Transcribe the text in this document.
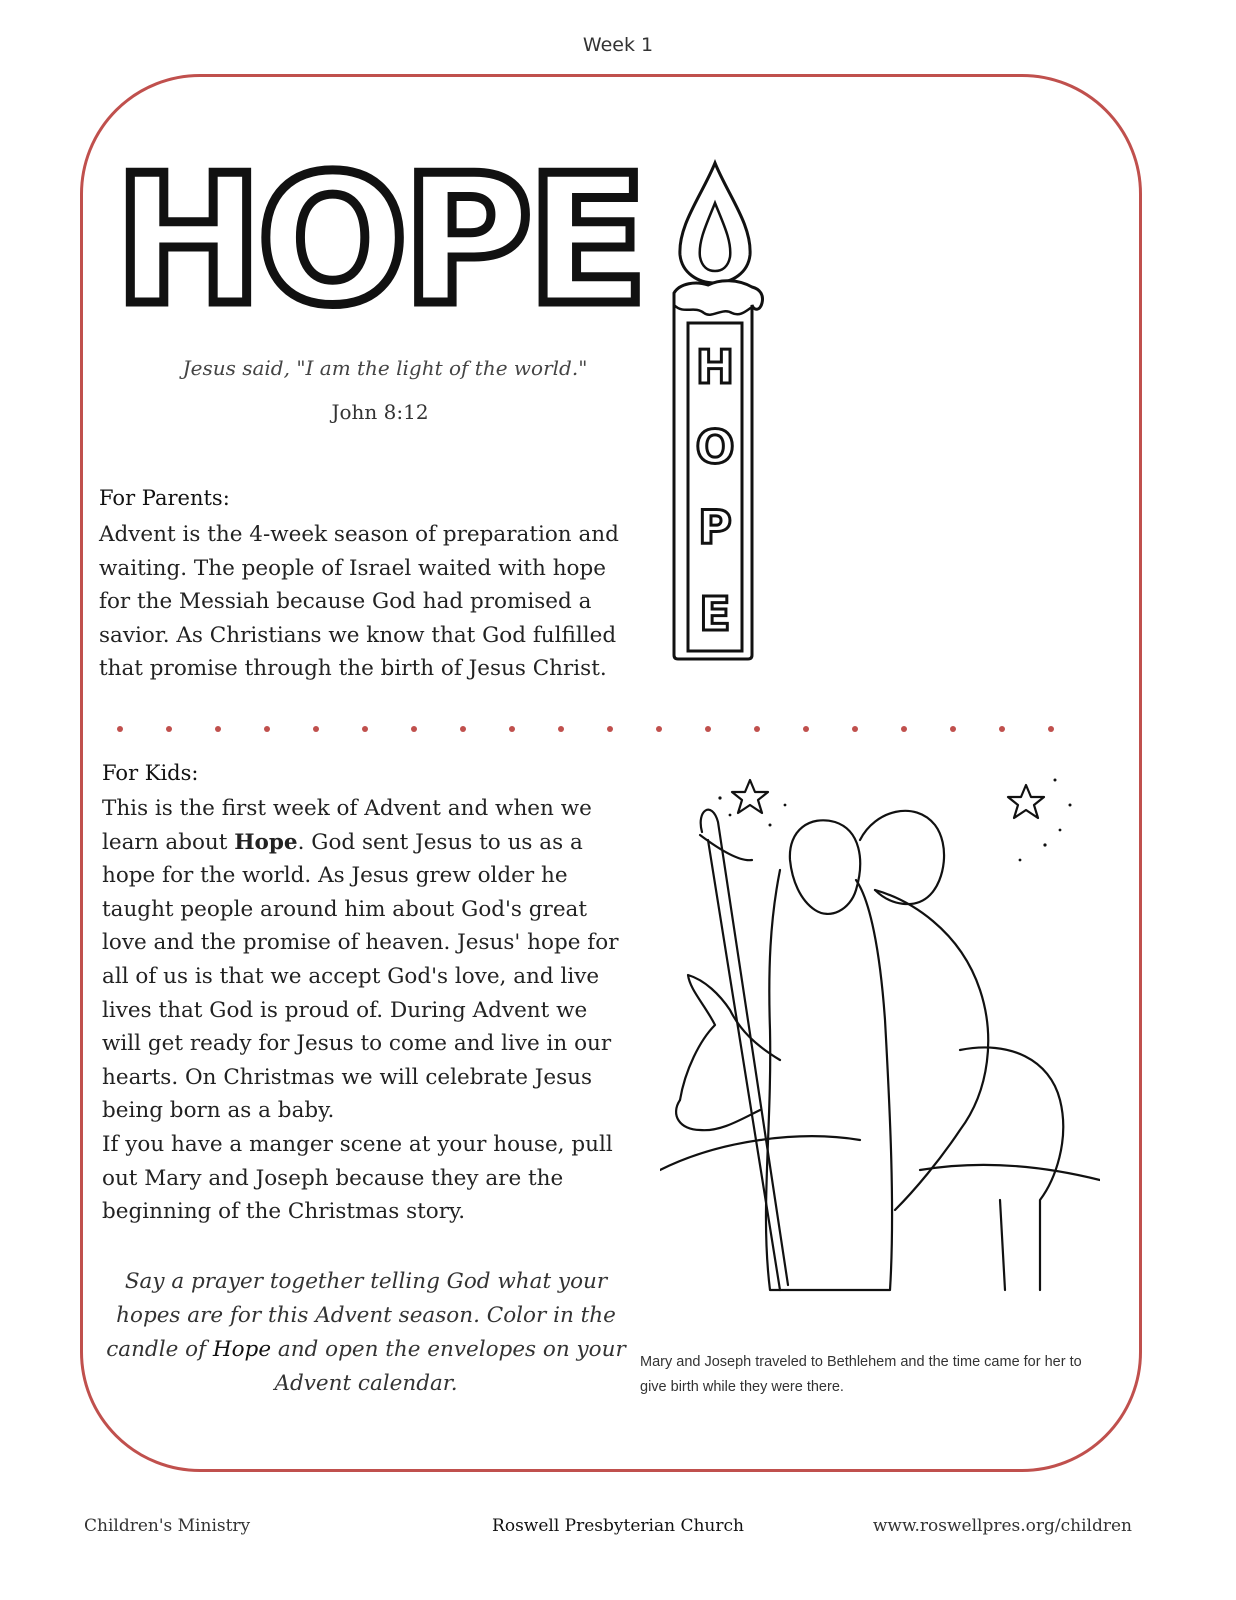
Week 1
HOPE
H
O
P
E
Jesus said, "I am the light of the world."
John 8:12
For Parents:

Advent is the 4-week season of preparation and waiting. The people of Israel waited with hope for the Messiah because God had promised a savior. As Christians we know that God fulfilled that promise through the birth of Jesus Christ.

For Kids:

This is the first week of Advent and when we learn about Hope. God sent Jesus to us as a hope for the world. As Jesus grew older he taught people around him about God's great love and the promise of heaven. Jesus' hope for all of us is that we accept God's love, and live lives that God is proud of. During Advent we will get ready for Jesus to come and live in our hearts. On Christmas we will celebrate Jesus being born as a baby.

If you have a manger scene at your house, pull out Mary and Joseph because they are the beginning of the Christmas story.

Say a prayer together telling God what your hopes are for this Advent season. Color in the candle of Hope and open the envelopes on your Advent calendar.

Mary and Joseph traveled to Bethlehem and the time came for her to give birth while they were there.

Children's Ministry	Roswell Presbyterian Church	www.roswellpres.org/children
